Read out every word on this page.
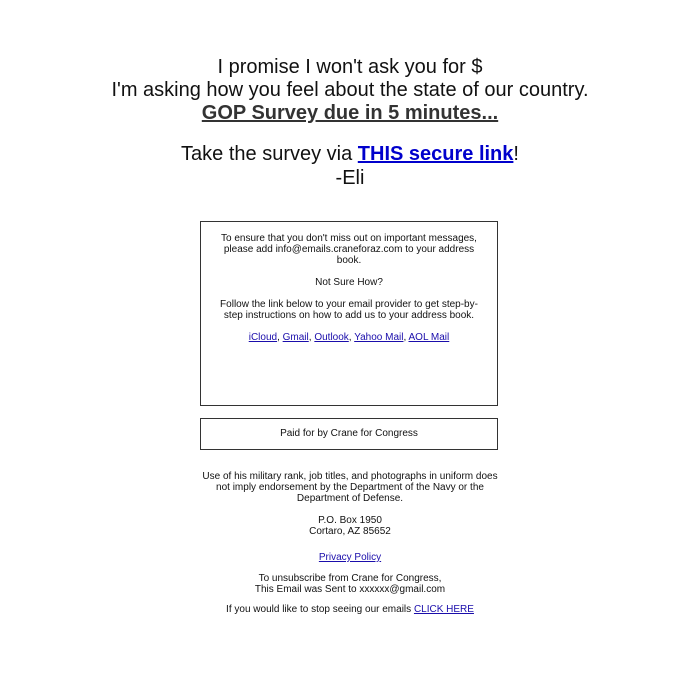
I promise I won't ask you for $
I'm asking how you feel about the state of our country.
GOP Survey due in 5 minutes...
Take the survey via THIS secure link!
-Eli

To ensure that you don't miss out on important messages, please add info@emails.craneforaz.com to your address book.

Not Sure How?

Follow the link below to your email provider to get step-by-step instructions on how to add us to your address book.

iCloud, Gmail, Outlook, Yahoo Mail, AOL Mail

Paid for by Crane for Congress

Use of his military rank, job titles, and photographs in uniform does not imply endorsement by the Department of the Navy or the Department of Defense.

P.O. Box 1950

Cortaro, AZ 85652

Privacy Policy

To unsubscribe from Crane for Congress,

This Email was Sent to xxxxxx@gmail.com

If you would like to stop seeing our emails CLICK HERE
